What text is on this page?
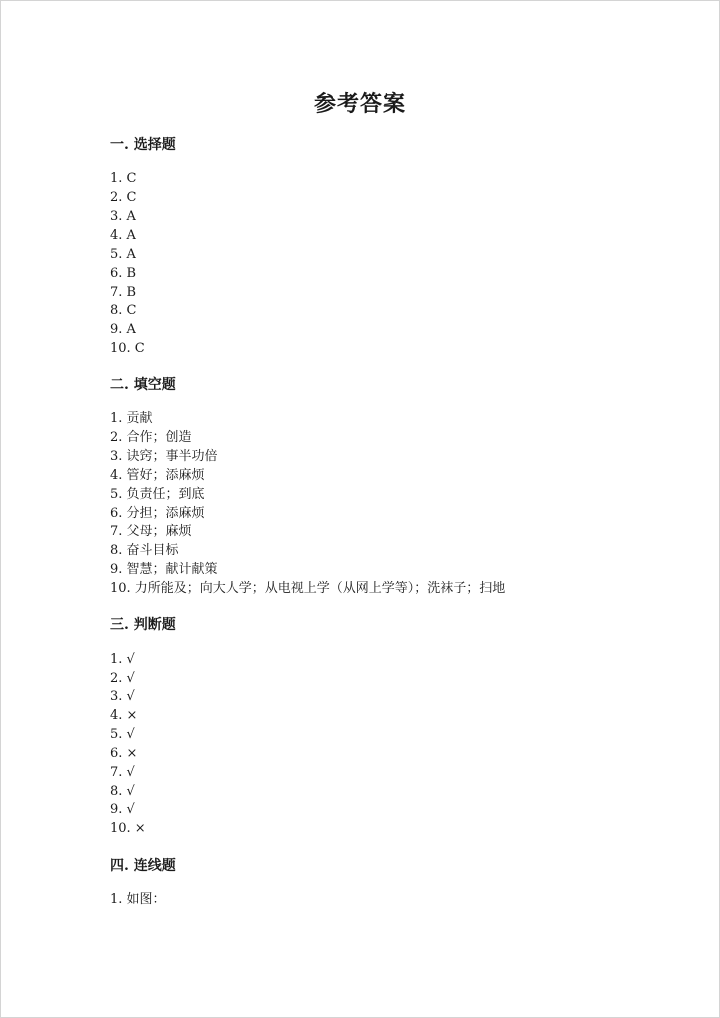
参考答案
一. 选择题
1. C
2. C
3. A
4. A
5. A
6. B
7. B
8. C
9. A
10. C
二. 填空题
1. 贡献
2. 合作；创造
3. 诀窍；事半功倍
4. 管好；添麻烦
5. 负责任；到底
6. 分担；添麻烦
7. 父母；麻烦
8. 奋斗目标
9. 智慧；献计献策
10. 力所能及；向大人学；从电视上学（从网上学等）；洗袜子；扫地
三. 判断题
1. √
2. √
3. √
4. ×
5. √
6. ×
7. √
8. √
9. √
10. ×
四. 连线题
1. 如图：
